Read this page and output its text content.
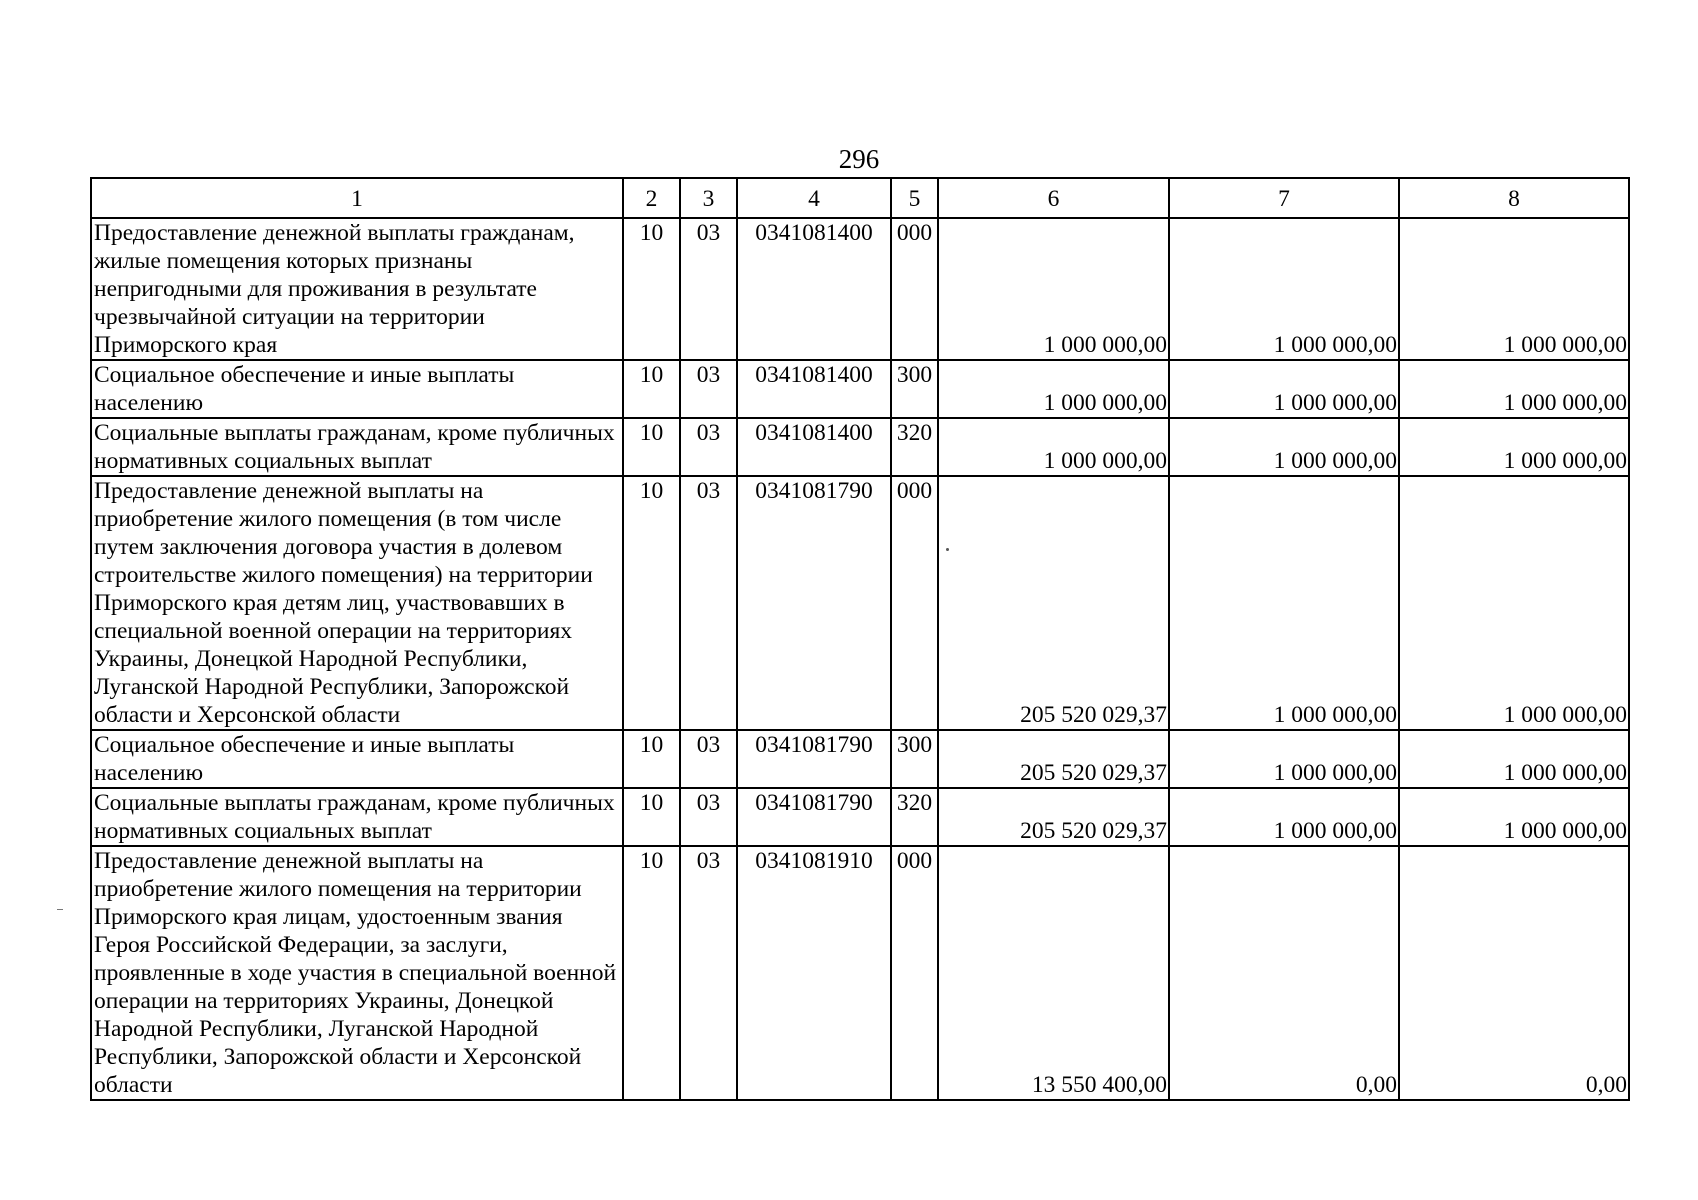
296
1	2	3	4	5	6	7	8
Предоставление денежной выплаты гражданам, жилые помещения которых признаны непригодными для проживания в результате чрезвычайной ситуации на территории Приморского края	10	03	0341081400	000	1 000 000,00	1 000 000,00	1 000 000,00
Социальное обеспечение и иные выплаты населению	10	03	0341081400	300	1 000 000,00	1 000 000,00	1 000 000,00
Социальные выплаты гражданам, кроме публичных нормативных социальных выплат	10	03	0341081400	320	1 000 000,00	1 000 000,00	1 000 000,00
Предоставление денежной выплаты на приобретение жилого помещения (в том числе путем заключения договора участия в долевом строительстве жилого помещения) на территории Приморского края детям лиц, участвовавших в специальной военной операции на территориях Украины, Донецкой Народной Республики, Луганской Народной Республики, Запорожской области и Херсонской области	10	03	0341081790	000	205 520 029,37	1 000 000,00	1 000 000,00
Социальное обеспечение и иные выплаты населению	10	03	0341081790	300	205 520 029,37	1 000 000,00	1 000 000,00
Социальные выплаты гражданам, кроме публичных нормативных социальных выплат	10	03	0341081790	320	205 520 029,37	1 000 000,00	1 000 000,00
Предоставление денежной выплаты на приобретение жилого помещения на территории Приморского края лицам, удостоенным звания Героя Российской Федерации, за заслуги, проявленные в ходе участия в специальной военной операции на территориях Украины, Донецкой Народной Республики, Луганской Народной Республики, Запорожской области и Херсонской области	10	03	0341081910	000	13 550 400,00	0,00	0,00
